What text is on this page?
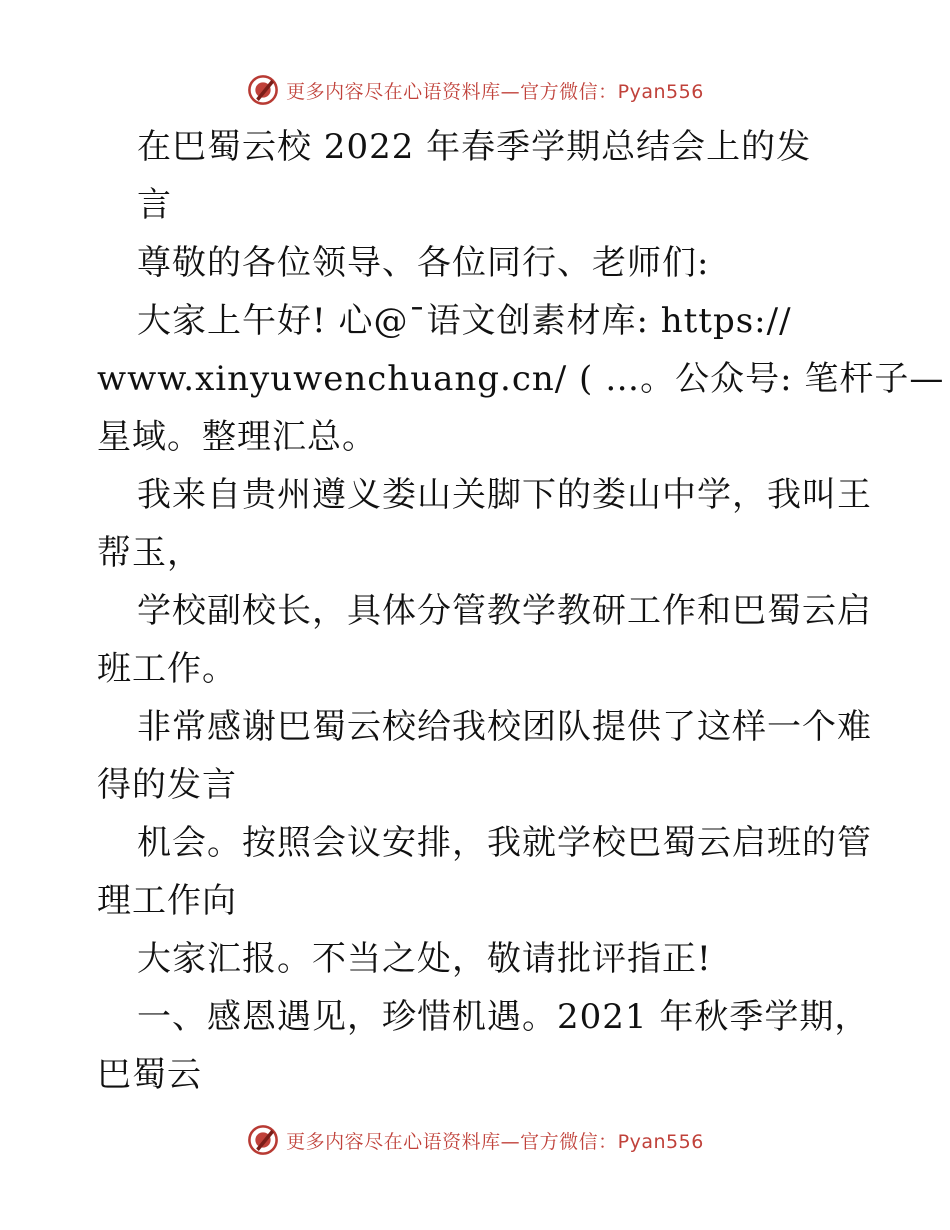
更多内容尽在心语资料库—官方微信：Pyan556
在巴蜀云校 2022 年春季学期总结会上的发
言
尊敬的各位领导、各位同行、老师们:
大家上午好! 心@¯语文创素材库: https://
www.xinyuwenchuang.cn/ ( …。公众号: 笔杆子—
星域。整理汇总。
我来自贵州遵义娄山关脚下的娄山中学，我叫王
帮玉，
学校副校长，具体分管教学教研工作和巴蜀云启
班工作。
非常感谢巴蜀云校给我校团队提供了这样一个难
得的发言
机会。按照会议安排，我就学校巴蜀云启班的管
理工作向
大家汇报。不当之处，敬请批评指正!
一、感恩遇见，珍惜机遇。2021 年秋季学期，
巴蜀云
更多内容尽在心语资料库—官方微信：Pyan556
